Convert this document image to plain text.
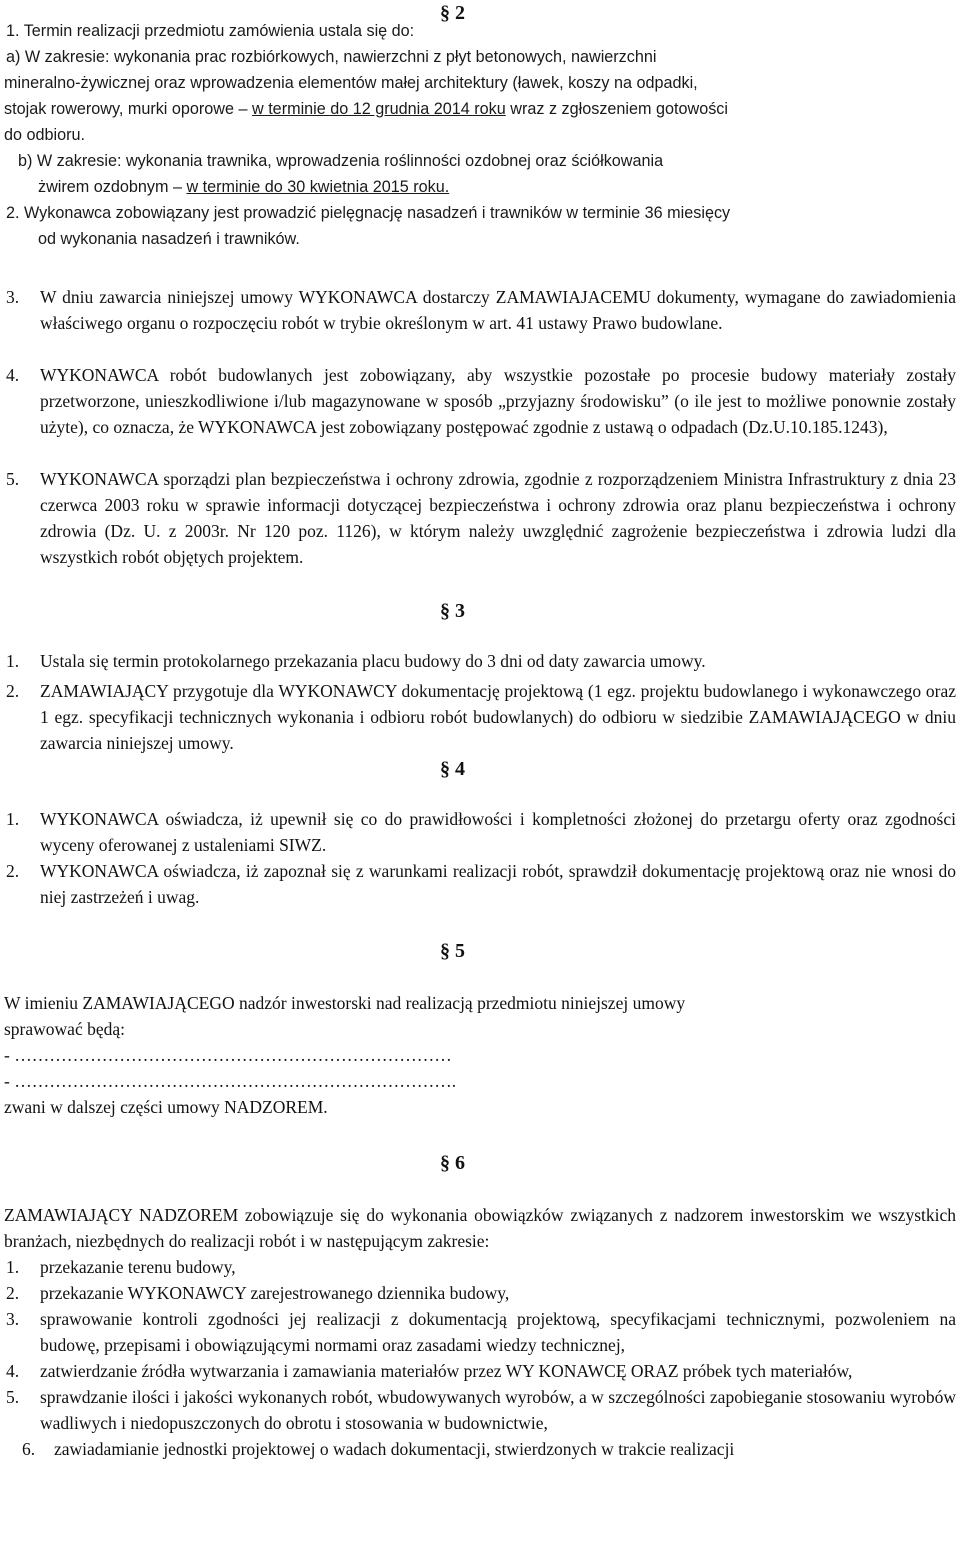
§ 2
1. Termin realizacji przedmiotu zamówienia ustala się do:
a) W zakresie: wykonania prac rozbiórkowych, nawierzchni z płyt betonowych, nawierzchni
mineralno-żywicznej oraz wprowadzenia elementów małej architektury (ławek, koszy na odpadki,
stojak rowerowy, murki oporowe – w terminie do 12 grudnia 2014 roku wraz z zgłoszeniem gotowości
do odbioru.
b) W zakresie: wykonania trawnika, wprowadzenia roślinności ozdobnej oraz ściółkowania
żwirem ozdobnym – w terminie do 30 kwietnia 2015 roku.
2. Wykonawca zobowiązany jest prowadzić pielęgnację nasadzeń i trawników w terminie 36 miesięcy
od wykonania nasadzeń i trawników.
3. W dniu zawarcia niniejszej umowy WYKONAWCA dostarczy ZAMAWIAJACEMU dokumenty, wymagane do zawiadomienia właściwego organu o rozpoczęciu robót w trybie określonym w art. 41 ustawy Prawo budowlane.
4. WYKONAWCA robót budowlanych jest zobowiązany, aby wszystkie pozostałe po procesie budowy materiały zostały przetworzone, unieszkodliwione i/lub magazynowane w sposób „przyjazny środowisku” (o ile jest to możliwe ponownie zostały użyte), co oznacza, że WYKONAWCA jest zobowiązany postępować zgodnie z ustawą o odpadach (Dz.U.10.185.1243),
5. WYKONAWCA sporządzi plan bezpieczeństwa i ochrony zdrowia, zgodnie z rozporządzeniem Ministra Infrastruktury z dnia 23 czerwca 2003 roku w sprawie informacji dotyczącej bezpieczeństwa i ochrony zdrowia oraz planu bezpieczeństwa i ochrony zdrowia (Dz. U. z 2003r. Nr 120 poz. 1126), w którym należy uwzględnić zagrożenie bezpieczeństwa i zdrowia ludzi dla wszystkich robót objętych projektem.
§ 3
1. Ustala się termin protokolarnego przekazania placu budowy do 3 dni od daty zawarcia umowy.
2. ZAMAWIAJĄCY przygotuje dla WYKONAWCY dokumentację projektową (1 egz. projektu budowlanego i wykonawczego oraz 1 egz. specyfikacji technicznych wykonania i odbioru robót budowlanych) do odbioru w siedzibie ZAMAWIAJĄCEGO w dniu zawarcia niniejszej umowy.
§ 4
1. WYKONAWCA oświadcza, iż upewnił się co do prawidłowości i kompletności złożonej do przetargu oferty oraz zgodności wyceny oferowanej z ustaleniami SIWZ.
2. WYKONAWCA oświadcza, iż zapoznał się z warunkami realizacji robót, sprawdził dokumentację projektową oraz nie wnosi do niej zastrzeżeń i uwag.
§ 5
W imieniu ZAMAWIAJĄCEGO nadzór inwestorski nad realizacją przedmiotu niniejszej umowy
sprawować będą:
- …………………………………………………………………
- ………………………………………………………………….
zwani w dalszej części umowy NADZOREM.
§ 6
ZAMAWIAJĄCY NADZOREM zobowiązuje się do wykonania obowiązków związanych z nadzorem inwestorskim we wszystkich branżach, niezbędnych do realizacji robót i w następującym zakresie:
1. przekazanie terenu budowy,
2. przekazanie WYKONAWCY zarejestrowanego dziennika budowy,
3. sprawowanie kontroli zgodności jej realizacji z dokumentacją projektową, specyfikacjami technicznymi, pozwoleniem na budowę, przepisami i obowiązującymi normami oraz zasadami wiedzy technicznej,
4. zatwierdzanie źródła wytwarzania i zamawiania materiałów przez WY KONAWCĘ ORAZ próbek tych materiałów,
5. sprawdzanie ilości i jakości wykonanych robót, wbudowywanych wyrobów, a w szczególności zapobieganie stosowaniu wyrobów wadliwych i niedopuszczonych do obrotu i stosowania w budownictwie,
6. zawiadamianie jednostki projektowej o wadach dokumentacji, stwierdzonych w trakcie realizacji
